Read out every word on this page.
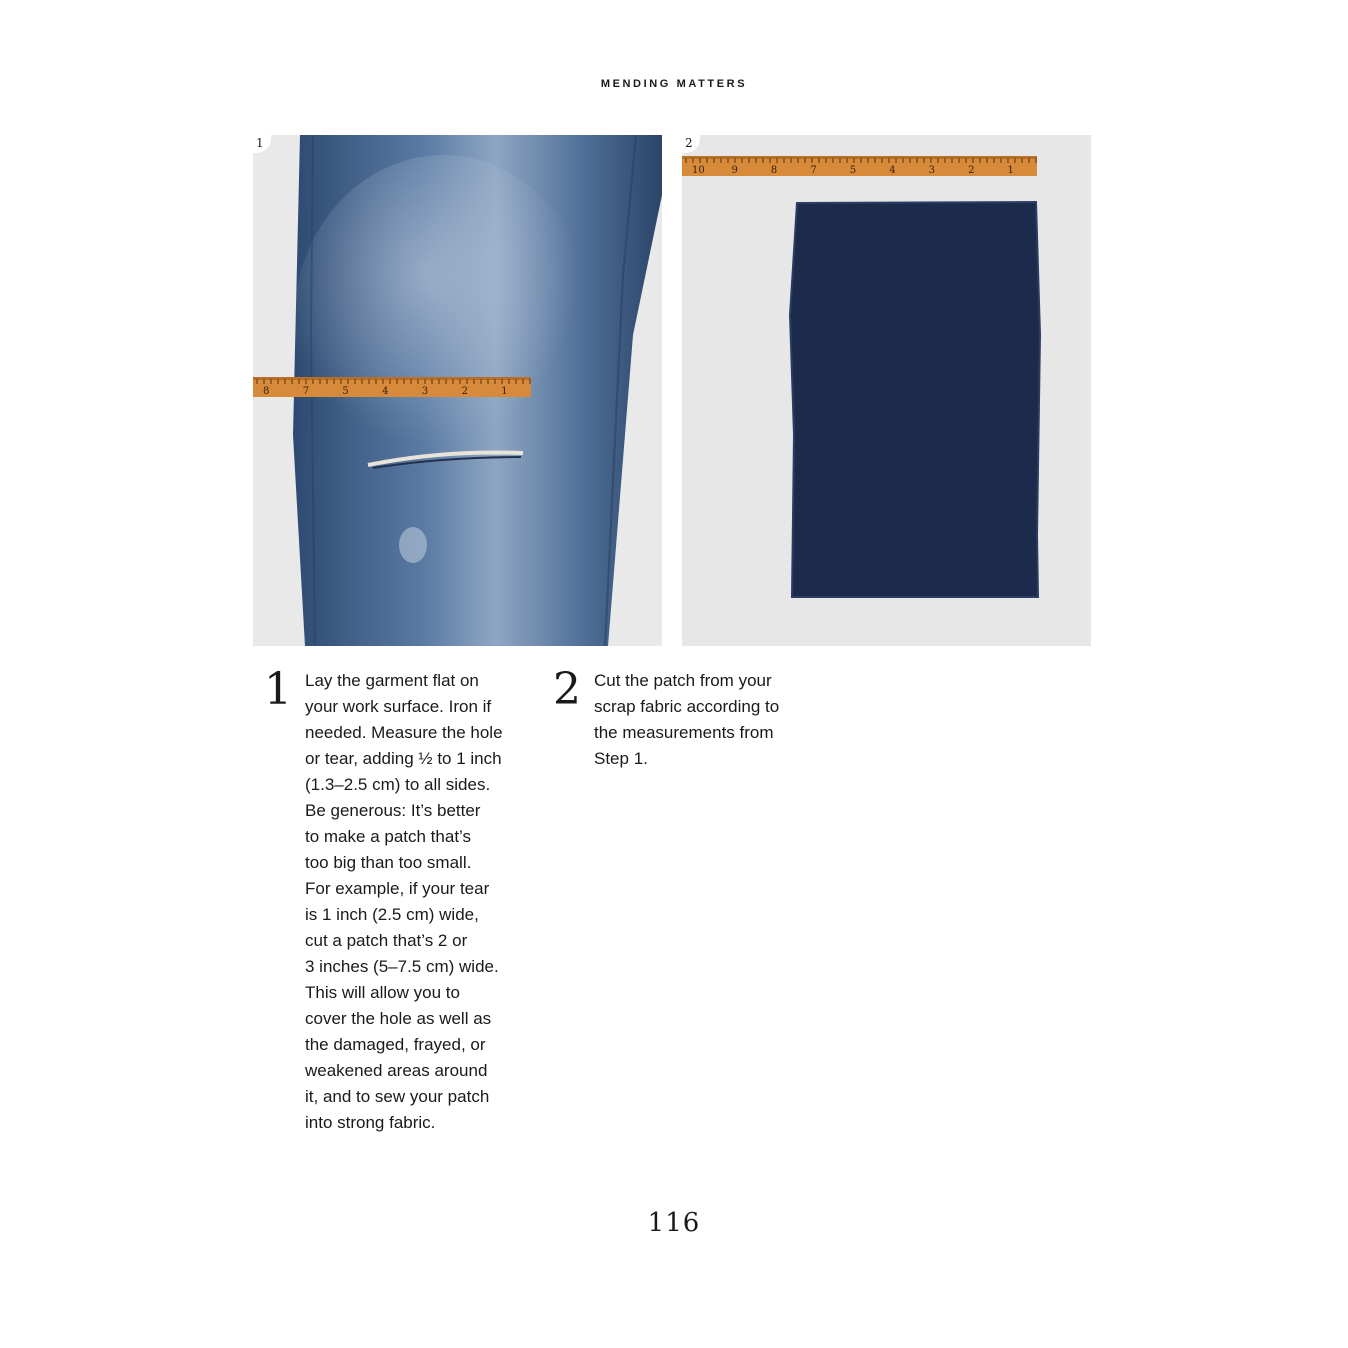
MENDING MATTERS
8	7	5	4	3	2	1
1
10	9	8	7	5	4	3	2	1
2
1 Lay the garment flat on
your work surface. Iron if
needed. Measure the hole
or tear, adding ½ to 1 inch
(1.3–2.5 cm) to all sides.
Be generous: It’s better
to make a patch that’s
too big than too small.
For example, if your tear
is 1 inch (2.5 cm) wide,
cut a patch that’s 2 or
3 inches (5–7.5 cm) wide.
This will allow you to
cover the hole as well as
the damaged, frayed, or
weakened areas around
it, and to sew your patch
into strong fabric.

2 Cut the patch from your
scrap fabric according to
the measurements from
Step 1.

116
